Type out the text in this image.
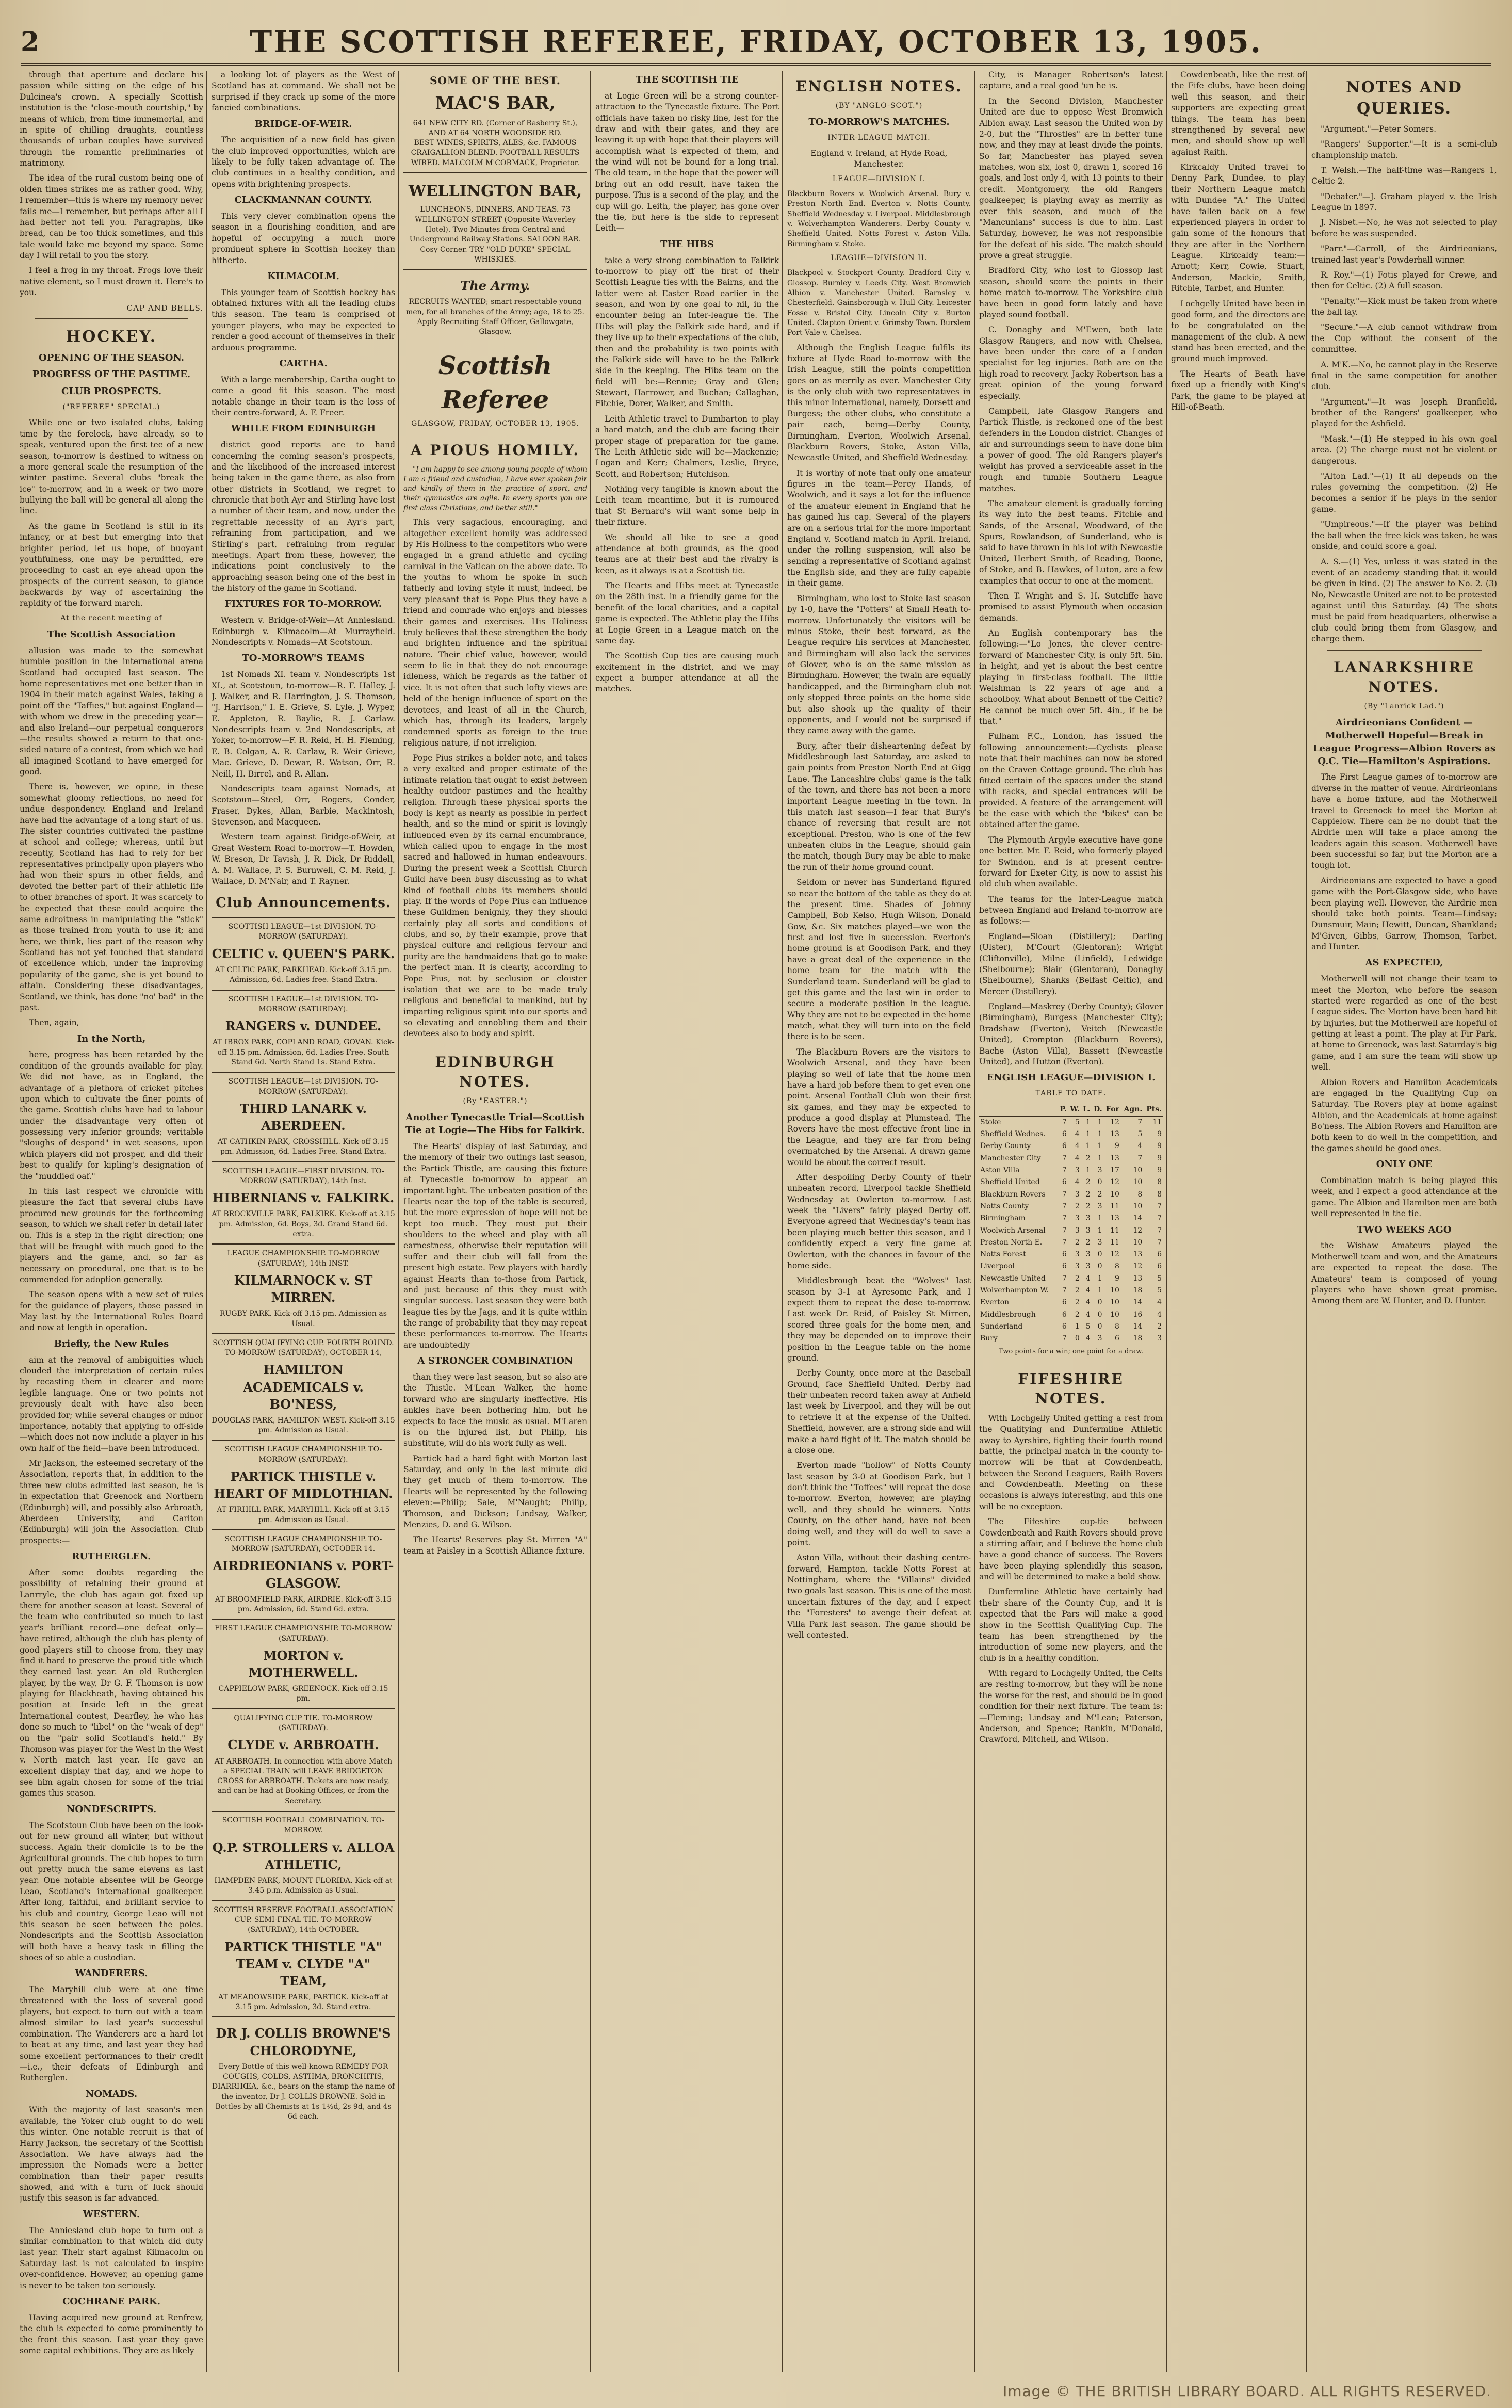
2	THE SCOTTISH REFEREE, FRIDAY, OCTOBER 13, 1905.

through that aperture and declare his passion while sitting on the edge of his Dulcinea's crown. A specially Scottish institution is the "close-mouth courtship," by means of which, from time immemorial, and in spite of chilling draughts, countless thousands of urban couples have survived through the romantic preliminaries of matrimony.

The idea of the rural custom being one of olden times strikes me as rather good. Why, I remember—this is where my memory never fails me—I remember, but perhaps after all I had better not tell you. Paragraphs, like bread, can be too thick sometimes, and this tale would take me beyond my space. Some day I will retail to you the story.

I feel a frog in my throat. Frogs love their native element, so I must drown it. Here's to you.

CAP AND BELLS.
HOCKEY.
OPENING OF THE SEASON.
PROGRESS OF THE PASTIME.
CLUB PROSPECTS.
("REFEREE" SPECIAL.)

While one or two isolated clubs, taking time by the forelock, have already, so to speak, ventured upon the first tee of a new season, to-morrow is destined to witness on a more general scale the resumption of the winter pastime. Several clubs "break the ice" to-morrow, and in a week or two more bullying the ball will be general all along the line.

As the game in Scotland is still in its infancy, or at best but emerging into that brighter period, let us hope, of buoyant youthfulness, one may be permitted, ere proceeding to cast an eye ahead upon the prospects of the current season, to glance backwards by way of ascertaining the rapidity of the forward march.

At the recent meeting of
The Scottish Association

allusion was made to the somewhat humble position in the international arena Scotland had occupied last season. The home representatives met one better than in 1904 in their match against Wales, taking a point off the "Taffies," but against England—with whom we drew in the preceding year—and also Ireland—our perpetual conquerors—the results showed a return to that one-sided nature of a contest, from which we had all imagined Scotland to have emerged for good.

There is, however, we opine, in these somewhat gloomy reflections, no need for undue despondency. England and Ireland have had the advantage of a long start of us. The sister countries cultivated the pastime at school and college; whereas, until but recently, Scotland has had to rely for her representatives principally upon players who had won their spurs in other fields, and devoted the better part of their athletic life to other branches of sport. It was scarcely to be expected that these could acquire the same adroitness in manipulating the "stick" as those trained from youth to use it; and here, we think, lies part of the reason why Scotland has not yet touched that standard of excellence which, under the improving popularity of the game, she is yet bound to attain. Considering these disadvantages, Scotland, we think, has done "no' bad" in the past.

Then, again,

In the North,

here, progress has been retarded by the condition of the grounds available for play. We did not have, as in England, the advantage of a plethora of cricket pitches upon which to cultivate the finer points of the game. Scottish clubs have had to labour under the disadvantage very often of possessing very inferior grounds; veritable "sloughs of despond" in wet seasons, upon which players did not prosper, and did their best to qualify for kipling's designation of the "muddied oaf."

In this last respect we chronicle with pleasure the fact that several clubs have procured new grounds for the forthcoming season, to which we shall refer in detail later on. This is a step in the right direction; one that will be fraught with much good to the players and the game, and, so far as necessary on procedural, one that is to be commended for adoption generally.

The season opens with a new set of rules for the guidance of players, those passed in May last by the International Rules Board and now at length in operation.

Briefly, the New Rules

aim at the removal of ambiguities which clouded the interpretation of certain rules by recasting them in clearer and more legible language. One or two points not previously dealt with have also been provided for; while several changes or minor importance, notably that applying to off-side—which does not now include a player in his own half of the field—have been introduced.

Mr Jackson, the esteemed secretary of the Association, reports that, in addition to the three new clubs admitted last season, he is in expectation that Greenock and Northern (Edinburgh) will, and possibly also Arbroath, Aberdeen University, and Carlton (Edinburgh) will join the Association. Club prospects:—

RUTHERGLEN.

After some doubts regarding the possibility of retaining their ground at Lanrryle, the club has again got fixed up there for another season at least. Several of the team who contributed so much to last year's brilliant record—one defeat only—have retired, although the club has plenty of good players still to choose from, they may find it hard to preserve the proud title which they earned last year. An old Rutherglen player, by the way, Dr G. F. Thomson is now playing for Blackheath, having obtained his position at Inside left in the great International contest, Dearfley, he who has done so much to "libel" on the "weak of dep" on the "pair solid Scotland's held." By Thomson was player for the West in the West v. North match last year. He gave an excellent display that day, and we hope to see him again chosen for some of the trial games this season.

NONDESCRIPTS.

The Scotstoun Club have been on the look-out for new ground all winter, but without success. Again their domicile is to be the Agricultural grounds. The club hopes to turn out pretty much the same elevens as last year. One notable absentee will be George Leao, Scotland's international goalkeeper. After long, faithful, and brilliant service to his club and country, George Leao will not this season be seen between the poles. Nondescripts and the Scottish Association will both have a heavy task in filling the shoes of so able a custodian.

WANDERERS.

The Maryhill club were at one time threatened with the loss of several good players, but expect to turn out with a team almost similar to last year's successful combination. The Wanderers are a hard lot to beat at any time, and last year they had some excellent performances to their credit —i.e., their defeats of Edinburgh and Rutherglen.

NOMADS.

With the majority of last season's men available, the Yoker club ought to do well this winter. One notable recruit is that of Harry Jackson, the secretary of the Scottish Association. We have always had the impression the Nomads were a better combination than their paper results showed, and with a turn of luck should justify this season is far advanced.

WESTERN.

The Anniesland club hope to turn out a similar combination to that which did duty last year. Their start against Kilmacolm on Saturday last is not calculated to inspire over-confidence. However, an opening game is never to be taken too seriously.

COCHRANE PARK.

Having acquired new ground at Renfrew, the club is expected to come prominently to the front this season. Last year they gave some capital exhibitions. They are as likely

a looking lot of players as the West of Scotland has at command. We shall not be surprised if they crack up some of the more fancied combinations.

BRIDGE-OF-WEIR.

The acquisition of a new field has given the club improved opportunities, which are likely to be fully taken advantage of. The club continues in a healthy condition, and opens with brightening prospects.

CLACKMANNAN COUNTY.

This very clever combination opens the season in a flourishing condition, and are hopeful of occupying a much more prominent sphere in Scottish hockey than hitherto.

KILMACOLM.

This younger team of Scottish hockey has obtained fixtures with all the leading clubs this season. The team is comprised of younger players, who may be expected to render a good account of themselves in their arduous programme.

CARTHA.

With a large membership, Cartha ought to come a good fit this season. The most notable change in their team is the loss of their centre-forward, A. F. Freer.

WHILE FROM EDINBURGH

district good reports are to hand concerning the coming season's prospects, and the likelihood of the increased interest being taken in the game there, as also from other districts in Scotland, we regret to chronicle that both Ayr and Stirling have lost a number of their team, and now, under the regrettable necessity of an Ayr's part, refraining from participation, and we Stirling's part, refraining from regular meetings. Apart from these, however, the indications point conclusively to the approaching season being one of the best in the history of the game in Scotland.

FIXTURES FOR TO-MORROW.

Western v. Bridge-of-Weir—At Anniesland. Edinburgh v. Kilmacolm—At Murrayfield. Nondescripts v. Nomads—At Scotstoun.

TO-MORROW'S TEAMS

1st Nomads XI. team v. Nondescripts 1st XI., at Scotstoun, to-morrow—R. F. Halley, J. J. Walker, and R. Harrington, J. S. Thomson, "J. Harrison," I. E. Grieve, S. Lyle, J. Wyper, E. Appleton, R. Baylie, R. J. Carlaw. Nondescripts team v. 2nd Nondescripts, at Yoker, to-morrow—F. R. Reid, H. H. Fleming, E. B. Colgan, A. R. Carlaw, R. Weir Grieve, Mac. Grieve, D. Dewar, R. Watson, Orr, R. Neill, H. Birrel, and R. Allan.

Nondescripts team against Nomads, at Scotstoun—Steel, Orr, Rogers, Conder, Fraser, Dykes, Allan, Barbie, Mackintosh, Stevenson, and Macqueen.

Western team against Bridge-of-Weir, at Great Western Road to-morrow—T. Howden, W. Breson, Dr Tavish, J. R. Dick, Dr Riddell, A. M. Wallace, P. S. Burnwell, C. M. Reid, J. Wallace, D. M'Nair, and T. Rayner.

Club Announcements.
SCOTTISH LEAGUE—1st DIVISION. TO-MORROW (SATURDAY).
CELTIC v. QUEEN'S PARK.
AT CELTIC PARK, PARKHEAD. Kick-off 3.15 pm. Admission, 6d. Ladies free. Stand Extra.
SCOTTISH LEAGUE—1st DIVISION. TO-MORROW (SATURDAY).
RANGERS v. DUNDEE.
AT IBROX PARK, COPLAND ROAD, GOVAN. Kick-off 3.15 pm. Admission, 6d. Ladies Free. South Stand 6d. North Stand 1s. Stand Extra.
SCOTTISH LEAGUE—1st DIVISION. TO-MORROW (SATURDAY).
THIRD LANARK v. ABERDEEN.
AT CATHKIN PARK, CROSSHILL. Kick-off 3.15 pm. Admission, 6d. Ladies Free. Stand Extra.
SCOTTISH LEAGUE—FIRST DIVISION. TO-MORROW (SATURDAY), 14th Inst.
HIBERNIANS v. FALKIRK.
AT BROCKVILLE PARK, FALKIRK. Kick-off at 3.15 pm. Admission, 6d. Boys, 3d. Grand Stand 6d. extra.
LEAGUE CHAMPIONSHIP. TO-MORROW (SATURDAY), 14th INST.
KILMARNOCK v. ST MIRREN.
RUGBY PARK. Kick-off 3.15 pm. Admission as Usual.
SCOTTISH QUALIFYING CUP. FOURTH ROUND. TO-MORROW (SATURDAY), OCTOBER 14,
HAMILTON ACADEMICALS v. BO'NESS,
DOUGLAS PARK, HAMILTON WEST. Kick-off 3.15 pm. Admission as Usual.
SCOTTISH LEAGUE CHAMPIONSHIP. TO-MORROW (SATURDAY).
PARTICK THISTLE v. HEART OF MIDLOTHIAN.
AT FIRHILL PARK, MARYHILL. Kick-off at 3.15 pm. Admission as Usual.
SCOTTISH LEAGUE CHAMPIONSHIP. TO-MORROW (SATURDAY), OCTOBER 14.
AIRDRIEONIANS v. PORT-GLASGOW.
AT BROOMFIELD PARK, AIRDRIE. Kick-off 3.15 pm. Admission, 6d. Stand 6d. extra.
FIRST LEAGUE CHAMPIONSHIP. TO-MORROW (SATURDAY).
MORTON v. MOTHERWELL.
CAPPIELOW PARK, GREENOCK. Kick-off 3.15 pm.
QUALIFYING CUP TIE. TO-MORROW (SATURDAY).
CLYDE v. ARBROATH.
AT ARBROATH. In connection with above Match a SPECIAL TRAIN will LEAVE BRIDGETON CROSS for ARBROATH. Tickets are now ready, and can be had at Booking Offices, or from the Secretary.
SCOTTISH FOOTBALL COMBINATION. TO-MORROW.
Q.P. STROLLERS v. ALLOA ATHLETIC,
HAMPDEN PARK, MOUNT FLORIDA. Kick-off at 3.45 p.m. Admission as Usual.
SCOTTISH RESERVE FOOTBALL ASSOCIATION CUP. SEMI-FINAL TIE. TO-MORROW (SATURDAY), 14th OCTOBER.
PARTICK THISTLE "A" TEAM v. CLYDE "A" TEAM,
AT MEADOWSIDE PARK, PARTICK. Kick-off at 3.15 pm. Admission, 3d. Stand extra.
DR J. COLLIS BROWNE'S CHLORODYNE,
Every Bottle of this well-known REMEDY FOR COUGHS, COLDS, ASTHMA, BRONCHITIS, DIARRHŒA, &c., bears on the stamp the name of the inventor, Dr J. COLLIS BROWNE. Sold in Bottles by all Chemists at 1s 1½d, 2s 9d, and 4s 6d each.
SOME OF THE BEST.
MAC'S BAR,
641 NEW CITY RD. (Corner of Rasberry St.), AND AT 64 NORTH WOODSIDE RD.
BEST WINES, SPIRITS, ALES, &c. FAMOUS CRAIGALLION BLEND. FOOTBALL RESULTS WIRED. MALCOLM M'CORMACK, Proprietor.
WELLINGTON BAR,
LUNCHEONS, DINNERS, AND TEAS. 73 WELLINGTON STREET (Opposite Waverley Hotel). Two Minutes from Central and Underground Railway Stations. SALOON BAR. Cosy Corner. TRY "OLD DUKE" SPECIAL WHISKIES.
The Army.
RECRUITS WANTED; smart respectable young men, for all branches of the Army; age, 18 to 25. Apply Recruiting Staff Officer, Gallowgate, Glasgow.
Scottish Referee
GLASGOW, FRIDAY, OCTOBER 13, 1905.
A PIOUS HOMILY.

"I am happy to see among young people of whom I am a friend and custodian, I have ever spoken fair and kindly of them in the practice of sport, and their gymnastics are agile. In every sports you are first class Christians, and better still."

This very sagacious, encouraging, and altogether excellent homily was addressed by His Holiness to the competitors who were engaged in a grand athletic and cycling carnival in the Vatican on the above date. To the youths to whom he spoke in such fatherly and loving style it must, indeed, be very pleasant that is Pope Pius they have a friend and comrade who enjoys and blesses their games and exercises. His Holiness truly believes that these strengthen the body and brighten influence and the spiritual nature. Their chief value, however, would seem to lie in that they do not encourage idleness, which he regards as the father of vice. It is not often that such lofty views are held of the benign influence of sport on the devotees, and least of all in the Church, which has, through its leaders, largely condemned sports as foreign to the true religious nature, if not irreligion.

Pope Pius strikes a bolder note, and takes a very exalted and proper estimate of the intimate relation that ought to exist between healthy outdoor pastimes and the healthy religion. Through these physical sports the body is kept as nearly as possible in perfect health, and so the mind or spirit is lovingly influenced even by its carnal encumbrance, which called upon to engage in the most sacred and hallowed in human endeavours. During the present week a Scottish Church Guild have been busy discussing as to what kind of football clubs its members should play. If the words of Pope Pius can influence these Guildmen benignly, they they should certainly play all sorts and conditions of clubs, and so, by their example, prove that physical culture and religious fervour and purity are the handmaidens that go to make the perfect man. It is clearly, according to Pope Pius, not by seclusion or cloister isolation that we are to be made truly religious and beneficial to mankind, but by imparting religious spirit into our sports and so elevating and ennobling them and their devotees also to body and spirit.

EDINBURGH NOTES.
(By "EASTER.")
Another Tynecastle Trial—Scottish Tie at Logie—The Hibs for Falkirk.

The Hearts' display of last Saturday, and the memory of their two outings last season, the Partick Thistle, are causing this fixture at Tynecastle to-morrow to appear an important light. The unbeaten position of the Hearts near the top of the table is secured, but the more expression of hope will not be kept too much. They must put their shoulders to the wheel and play with all earnestness, otherwise their reputation will suffer and their club will fall from the present high estate. Few players with hardly against Hearts than to-those from Partick, and just because of this they must with singular success. Last season they were both league ties by the Jags, and it is quite within the range of probability that they may repeat these performances to-morrow. The Hearts are undoubtedly

A STRONGER COMBINATION

than they were last season, but so also are the Thistle. M'Lean Walker, the home forward who are singularly ineffective. His ankles have been bothering him, but he expects to face the music as usual. M'Laren is on the injured list, but Philip, his substitute, will do his work fully as well.

Partick had a hard fight with Morton last Saturday, and only in the last minute did they get much of them to-morrow. The Hearts will be represented by the following eleven:—Philip; Sale, M'Naught; Philip, Thomson, and Dickson; Lindsay, Walker, Menzies, D. and G. Wilson.

The Hearts' Reserves play St. Mirren "A" team at Paisley in a Scottish Alliance fixture.

THE SCOTTISH TIE

at Logie Green will be a strong counter-attraction to the Tynecastle fixture. The Port officials have taken no risky line, lest for the draw and with their gates, and they are leaving it up with hope that their players will accomplish what is expected of them, and the wind will not be bound for a long trial. The old team, in the hope that the power will bring out an odd result, have taken the purpose. This is a second of the play, and the cup will go. Leith, the player, has gone over the tie, but here is the side to represent Leith—

THE HIBS

take a very strong combination to Falkirk to-morrow to play off the first of their Scottish League ties with the Bairns, and the latter were at Easter Road earlier in the season, and won by one goal to nil, in the encounter being an Inter-league tie. The Hibs will play the Falkirk side hard, and if they live up to their expectations of the club, then and the probability is two points with the Falkirk side will have to be the Falkirk side in the keeping. The Hibs team on the field will be:—Rennie; Gray and Glen; Stewart, Harrower, and Buchan; Callaghan, Fitchie, Dorer, Walker, and Smith.

Leith Athletic travel to Dumbarton to play a hard match, and the club are facing their proper stage of preparation for the game. The Leith Athletic side will be—Mackenzie; Logan and Kerr; Chalmers, Leslie, Bryce, Scott, and Robertson; Hutchison.

Nothing very tangible is known about the Leith team meantime, but it is rumoured that St Bernard's will want some help in their fixture.

We should all like to see a good attendance at both grounds, as the good teams are at their best and the rivalry is keen, as it always is at a Scottish tie.

The Hearts and Hibs meet at Tynecastle on the 28th inst. in a friendly game for the benefit of the local charities, and a capital game is expected. The Athletic play the Hibs at Logie Green in a League match on the same day.

The Scottish Cup ties are causing much excitement in the district, and we may expect a bumper attendance at all the matches.

ENGLISH NOTES.
(BY "ANGLO-SCOT.")
TO-MORROW'S MATCHES.
INTER-LEAGUE MATCH.

England v. Ireland, at Hyde Road, Manchester.

LEAGUE—DIVISION I.

Blackburn Rovers v. Woolwich Arsenal. Bury v. Preston North End. Everton v. Notts County. Sheffield Wednesday v. Liverpool. Middlesbrough v. Wolverhampton Wanderers. Derby County v. Sheffield United. Notts Forest v. Aston Villa. Birmingham v. Stoke.

LEAGUE—DIVISION II.

Blackpool v. Stockport County. Bradford City v. Glossop. Burnley v. Leeds City. West Bromwich Albion v. Manchester United. Barnsley v. Chesterfield. Gainsborough v. Hull City. Leicester Fosse v. Bristol City. Lincoln City v. Burton United. Clapton Orient v. Grimsby Town. Burslem Port Vale v. Chelsea.

Although the English League fulfils its fixture at Hyde Road to-morrow with the Irish League, still the points competition goes on as merrily as ever. Manchester City is the only club with two representatives in this minor International, namely, Dorsett and Burgess; the other clubs, who constitute a pair each, being—Derby County, Birmingham, Everton, Woolwich Arsenal, Blackburn Rovers, Stoke, Aston Villa, Newcastle United, and Sheffield Wednesday.

It is worthy of note that only one amateur figures in the team—Percy Hands, of Woolwich, and it says a lot for the influence of the amateur element in England that he has gained his cap. Several of the players are on a serious trial for the more important England v. Scotland match in April. Ireland, under the rolling suspension, will also be sending a representative of Scotland against the English side, and they are fully capable in their game.

Birmingham, who lost to Stoke last season by 1-0, have the "Potters" at Small Heath to-morrow. Unfortunately the visitors will be minus Stoke, their best forward, as the League require his services at Manchester, and Birmingham will also lack the services of Glover, who is on the same mission as Birmingham. However, the twain are equally handicapped, and the Birmingham club not only stopped three points on the home side but also shook up the quality of their opponents, and I would not be surprised if they came away with the game.

Bury, after their disheartening defeat by Middlesbrough last Saturday, are asked to gain points from Preston North End at Gigg Lane. The Lancashire clubs' game is the talk of the town, and there has not been a more important League meeting in the town. In this match last season—I fear that Bury's chance of reversing that result are not exceptional. Preston, who is one of the few unbeaten clubs in the League, should gain the match, though Bury may be able to make the run of their home ground count.

Seldom or never has Sunderland figured so near the bottom of the table as they do at the present time. Shades of Johnny Campbell, Bob Kelso, Hugh Wilson, Donald Gow, &c. Six matches played—we won the first and lost five in succession. Everton's home ground is at Goodison Park, and they have a great deal of the experience in the home team for the match with the Sunderland team. Sunderland will be glad to get this game and the last win in order to secure a moderate position in the league. Why they are not to be expected in the home match, what they will turn into on the field there is to be seen.

The Blackburn Rovers are the visitors to Woolwich Arsenal, and they have been playing so well of late that the home men have a hard job before them to get even one point. Arsenal Football Club won their first six games, and they may be expected to produce a good display at Plumstead. The Rovers have the most effective front line in the League, and they are far from being overmatched by the Arsenal. A drawn game would be about the correct result.

After despoiling Derby County of their unbeaten record, Liverpool tackle Sheffield Wednesday at Owlerton to-morrow. Last week the "Livers" fairly played Derby off. Everyone agreed that Wednesday's team has been playing much better this season, and I confidently expect a very fine game at Owlerton, with the chances in favour of the home side.

Middlesbrough beat the "Wolves" last season by 3-1 at Ayresome Park, and I expect them to repeat the dose to-morrow. Last week Dr. Reid, of Paisley St Mirren, scored three goals for the home men, and they may be depended on to improve their position in the League table on the home ground.

Derby County, once more at the Baseball Ground, face Sheffield United. Derby had their unbeaten record taken away at Anfield last week by Liverpool, and they will be out to retrieve it at the expense of the United. Sheffield, however, are a strong side and will make a hard fight of it. The match should be a close one.

Everton made "hollow" of Notts County last season by 3-0 at Goodison Park, but I don't think the "Toffees" will repeat the dose to-morrow. Everton, however, are playing well, and they should be winners. Notts County, on the other hand, have not been doing well, and they will do well to save a point.

Aston Villa, without their dashing centre-forward, Hampton, tackle Notts Forest at Nottingham, where the "Villains" divided two goals last season. This is one of the most uncertain fixtures of the day, and I expect the "Foresters" to avenge their defeat at Villa Park last season. The game should be well contested.

City, is Manager Robertson's latest capture, and a real good 'un he is.

In the Second Division, Manchester United are due to oppose West Bromwich Albion away. Last season the United won by 2-0, but the "Throstles" are in better tune now, and they may at least divide the points. So far, Manchester has played seven matches, won six, lost 0, drawn 1, scored 16 goals, and lost only 4, with 13 points to their credit. Montgomery, the old Rangers goalkeeper, is playing away as merrily as ever this season, and much of the "Mancunians" success is due to him. Last Saturday, however, he was not responsible for the defeat of his side. The match should prove a great struggle.

Bradford City, who lost to Glossop last season, should score the points in their home match to-morrow. The Yorkshire club have been in good form lately and have played sound football.

C. Donaghy and M'Ewen, both late Glasgow Rangers, and now with Chelsea, have been under the care of a London specialist for leg injuries. Both are on the high road to recovery. Jacky Robertson has a great opinion of the young forward especially.

Campbell, late Glasgow Rangers and Partick Thistle, is reckoned one of the best defenders in the London district. Changes of air and surroundings seem to have done him a power of good. The old Rangers player's weight has proved a serviceable asset in the rough and tumble Southern League matches.

The amateur element is gradually forcing its way into the best teams. Fitchie and Sands, of the Arsenal, Woodward, of the Spurs, Rowlandson, of Sunderland, who is said to have thrown in his lot with Newcastle United, Herbert Smith, of Reading, Boone, of Stoke, and B. Hawkes, of Luton, are a few examples that occur to one at the moment.

Then T. Wright and S. H. Sutcliffe have promised to assist Plymouth when occasion demands.

An English contemporary has the following:—"Lo Jones, the clever centre-forward of Manchester City, is only 5ft. 5in. in height, and yet is about the best centre playing in first-class football. The little Welshman is 22 years of age and a schoolboy. What about Bennett of the Celtic? He cannot be much over 5ft. 4in., if he be that."

Fulham F.C., London, has issued the following announcement:—Cyclists please note that their machines can now be stored on the Craven Cottage ground. The club has fitted certain of the spaces under the stand with racks, and special entrances will be provided. A feature of the arrangement will be the ease with which the "bikes" can be obtained after the game.

The Plymouth Argyle executive have gone one better. Mr. F. Reid, who formerly played for Swindon, and is at present centre-forward for Exeter City, is now to assist his old club when available.

The teams for the Inter-League match between England and Ireland to-morrow are as follows:—

England—Sloan (Distillery); Darling (Ulster), M'Court (Glentoran); Wright (Cliftonville), Milne (Linfield), Ledwidge (Shelbourne); Blair (Glentoran), Donaghy (Shelbourne), Shanks (Belfast Celtic), and Mercer (Distillery).

England—Maskrey (Derby County); Glover (Birmingham), Burgess (Manchester City); Bradshaw (Everton), Veitch (Newcastle United), Crompton (Blackburn Rovers), Bache (Aston Villa), Bassett (Newcastle United), and Hutton (Everton).

ENGLISH LEAGUE—DIVISION I.
TABLE TO DATE.
	P.	W.	L.	D.	For	Agn.	Pts.
Stoke	7	5	1	1	12	7	11
Sheffield Wednes.	6	4	1	1	13	5	9
Derby County	6	4	1	1	9	4	9
Manchester City	7	4	2	1	13	7	9
Aston Villa	7	3	1	3	17	10	9
Sheffield United	6	4	2	0	12	10	8
Blackburn Rovers	7	3	2	2	10	8	8
Notts County	7	2	2	3	11	10	7
Birmingham	7	3	3	1	13	14	7
Woolwich Arsenal	7	3	3	1	11	12	7
Preston North E.	7	2	2	3	11	10	7
Notts Forest	6	3	3	0	12	13	6
Liverpool	6	3	3	0	8	12	6
Newcastle United	7	2	4	1	9	13	5
Wolverhampton W.	7	2	4	1	10	18	5
Everton	6	2	4	0	10	14	4
Middlesbrough	6	2	4	0	10	16	4
Sunderland	6	1	5	0	8	14	2
Bury	7	0	4	3	6	18	3
Two points for a win; one point for a draw.
FIFESHIRE NOTES.

With Lochgelly United getting a rest from the Qualifying and Dunfermline Athletic away to Ayrshire, fighting their fourth round battle, the principal match in the county to-morrow will be that at Cowdenbeath, between the Second Leaguers, Raith Rovers and Cowdenbeath. Meeting on these occasions is always interesting, and this one will be no exception.

The Fifeshire cup-tie between Cowdenbeath and Raith Rovers should prove a stirring affair, and I believe the home club have a good chance of success. The Rovers have been playing splendidly this season, and will be determined to make a bold show.

Dunfermline Athletic have certainly had their share of the County Cup, and it is expected that the Pars will make a good show in the Scottish Qualifying Cup. The team has been strengthened by the introduction of some new players, and the club is in a healthy condition.

With regard to Lochgelly United, the Celts are resting to-morrow, but they will be none the worse for the rest, and should be in good condition for their next fixture. The team is: —Fleming; Lindsay and M'Lean; Paterson, Anderson, and Spence; Rankin, M'Donald, Crawford, Mitchell, and Wilson.

Cowdenbeath, like the rest of the Fife clubs, have been doing well this season, and their supporters are expecting great things. The team has been strengthened by several new men, and should show up well against Raith.

Kirkcaldy United travel to Denny Park, Dundee, to play their Northern League match with Dundee "A." The United have fallen back on a few experienced players in order to gain some of the honours that they are after in the Northern League. Kirkcaldy team:—Arnott; Kerr, Cowie, Stuart, Anderson, Mackie, Smith, Ritchie, Tarbet, and Hunter.

Lochgelly United have been in good form, and the directors are to be congratulated on the management of the club. A new stand has been erected, and the ground much improved.

The Hearts of Beath have fixed up a friendly with King's Park, the game to be played at Hill-of-Beath.

NOTES AND QUERIES.

"Argument."—Peter Somers.

"Rangers' Supporter."—It is a semi-club championship match.

T. Welsh.—The half-time was—Rangers 1, Celtic 2.

"Debater."—J. Graham played v. the Irish League in 1897.

J. Nisbet.—No, he was not selected to play before he was suspended.

"Parr."—Carroll, of the Airdrieonians, trained last year's Powderhall winner.

R. Roy."—(1) Fotis played for Crewe, and then for Celtic. (2) A full season.

"Penalty."—Kick must be taken from where the ball lay.

"Secure."—A club cannot withdraw from the Cup without the consent of the committee.

A. M'K.—No, he cannot play in the Reserve final in the same competition for another club.

"Argument."—It was Joseph Branfield, brother of the Rangers' goalkeeper, who played for the Ashfield.

"Mask."—(1) He stepped in his own goal area. (2) The charge must not be violent or dangerous.

"Alton Lad."—(1) It all depends on the rules governing the competition. (2) He becomes a senior if he plays in the senior game.

"Umpireous."—If the player was behind the ball when the free kick was taken, he was onside, and could score a goal.

A. S.—(1) Yes, unless it was stated in the event of an academy standing that it would be given in kind. (2) The answer to No. 2. (3) No, Newcastle United are not to be protested against until this Saturday. (4) The shots must be paid from headquarters, otherwise a club could bring them from Glasgow, and charge them.

LANARKSHIRE NOTES.
(By "Lanrick Lad.")
Airdrieonians Confident — Motherwell Hopeful—Break in League Progress—Albion Rovers as Q.C. Tie—Hamilton's Aspirations.

The First League games of to-morrow are diverse in the matter of venue. Airdrieonians have a home fixture, and the Motherwell travel to Greenock to meet the Morton at Cappielow. There can be no doubt that the Airdrie men will take a place among the leaders again this season. Motherwell have been successful so far, but the Morton are a tough lot.

Airdrieonians are expected to have a good game with the Port-Glasgow side, who have been playing well. However, the Airdrie men should take both points. Team—Lindsay; Dunsmuir, Main; Hewitt, Duncan, Shankland; M'Given, Gibbs, Garrow, Thomson, Tarbet, and Hunter.

AS EXPECTED,

Motherwell will not change their team to meet the Morton, who before the season started were regarded as one of the best League sides. The Morton have been hard hit by injuries, but the Motherwell are hopeful of getting at least a point. The play at Fir Park, at home to Greenock, was last Saturday's big game, and I am sure the team will show up well.

Albion Rovers and Hamilton Academicals are engaged in the Qualifying Cup on Saturday. The Rovers play at home against Albion, and the Academicals at home against Bo'ness. The Albion Rovers and Hamilton are both keen to do well in the competition, and the games should be good ones.

ONLY ONE

Combination match is being played this week, and I expect a good attendance at the game. The Albion and Hamilton men are both well represented in the tie.

TWO WEEKS AGO

the Wishaw Amateurs played the Motherwell team and won, and the Amateurs are expected to repeat the dose. The Amateurs' team is composed of young players who have shown great promise. Among them are W. Hunter, and D. Hunter.

Image © THE BRITISH LIBRARY BOARD. ALL RIGHTS RESERVED.
